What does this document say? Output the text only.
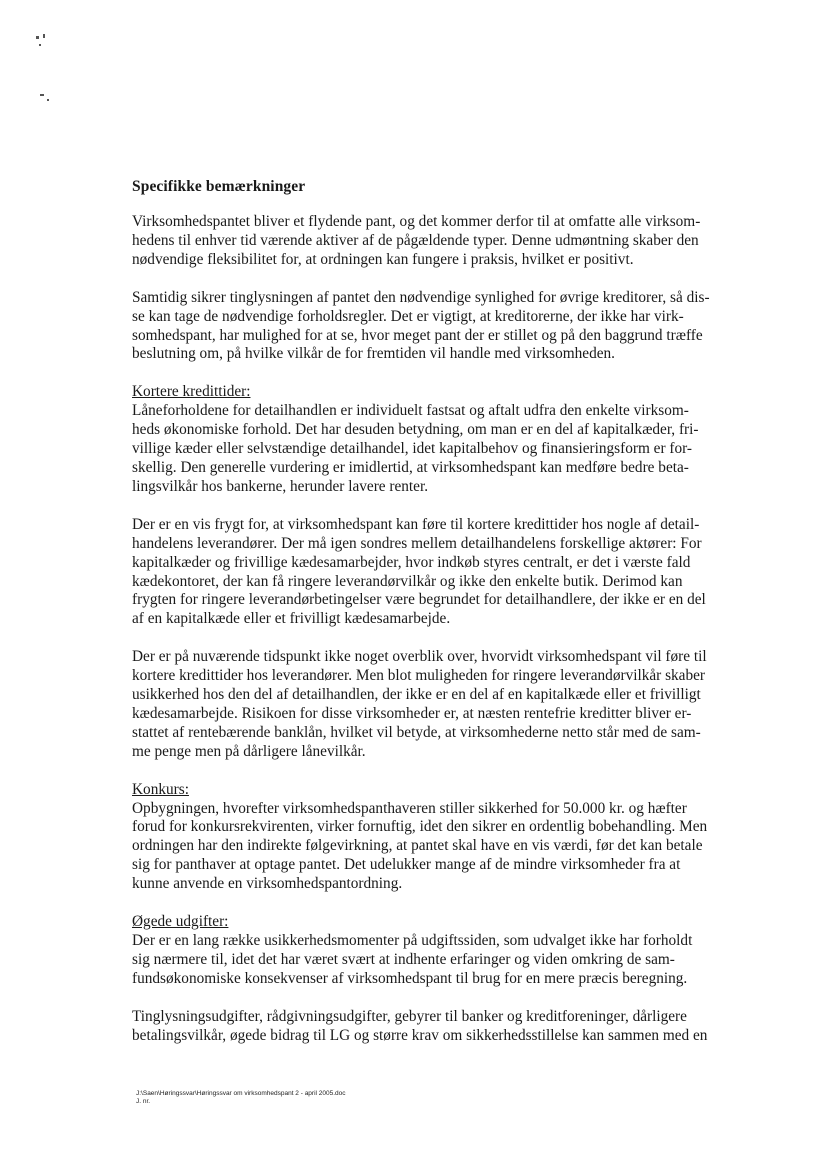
Specifikke bemærkninger
Virksomhedspantet bliver et flydende pant, og det kommer derfor til at omfatte alle virksom-
hedens til enhver tid værende aktiver af de pågældende typer. Denne udmøntning skaber den
nødvendige fleksibilitet for, at ordningen kan fungere i praksis, hvilket er positivt.
Samtidig sikrer tinglysningen af pantet den nødvendige synlighed for øvrige kreditorer, så dis-
se kan tage de nødvendige forholdsregler. Det er vigtigt, at kreditorerne, der ikke har virk-
somhedspant, har mulighed for at se, hvor meget pant der er stillet og på den baggrund træffe
beslutning om, på hvilke vilkår de for fremtiden vil handle med virksomheden.
Kortere kredittider:
Låneforholdene for detailhandlen er individuelt fastsat og aftalt udfra den enkelte virksom-
heds økonomiske forhold. Det har desuden betydning, om man er en del af kapitalkæder, fri-
villige kæder eller selvstændige detailhandel, idet kapitalbehov og finansieringsform er for-
skellig. Den generelle vurdering er imidlertid, at virksomhedspant kan medføre bedre beta-
lingsvilkår hos bankerne, herunder lavere renter.
Der er en vis frygt for, at virksomhedspant kan føre til kortere kredittider hos nogle af detail-
handelens leverandører. Der må igen sondres mellem detailhandelens forskellige aktører: For
kapitalkæder og frivillige kædesamarbejder, hvor indkøb styres centralt, er det i værste fald
kædekontoret, der kan få ringere leverandørvilkår og ikke den enkelte butik. Derimod kan
frygten for ringere leverandørbetingelser være begrundet for detailhandlere, der ikke er en del
af en kapitalkæde eller et frivilligt kædesamarbejde.
Der er på nuværende tidspunkt ikke noget overblik over, hvorvidt virksomhedspant vil føre til
kortere kredittider hos leverandører. Men blot muligheden for ringere leverandørvilkår skaber
usikkerhed hos den del af detailhandlen, der ikke er en del af en kapitalkæde eller et frivilligt
kædesamarbejde. Risikoen for disse virksomheder er, at næsten rentefrie kreditter bliver er-
stattet af rentebærende banklån, hvilket vil betyde, at virksomhederne netto står med de sam-
me penge men på dårligere lånevilkår.
Konkurs:
Opbygningen, hvorefter virksomhedspanthaveren stiller sikkerhed for 50.000 kr. og hæfter
forud for konkursrekvirenten, virker fornuftig, idet den sikrer en ordentlig bobehandling. Men
ordningen har den indirekte følgevirkning, at pantet skal have en vis værdi, før det kan betale
sig for panthaver at optage pantet. Det udelukker mange af de mindre virksomheder fra at
kunne anvende en virksomhedspantordning.
Øgede udgifter:
Der er en lang række usikkerhedsmomenter på udgiftssiden, som udvalget ikke har forholdt
sig nærmere til, idet det har været svært at indhente erfaringer og viden omkring de sam-
fundsøkonomiske konsekvenser af virksomhedspant til brug for en mere præcis beregning.
Tinglysningsudgifter, rådgivningsudgifter, gebyrer til banker og kreditforeninger, dårligere
betalingsvilkår, øgede bidrag til LG og større krav om sikkerhedsstillelse kan sammen med en
J:\Saen\Høringssvar\Høringssvar om virksomhedspant 2 - april 2005.doc
J. nr.
